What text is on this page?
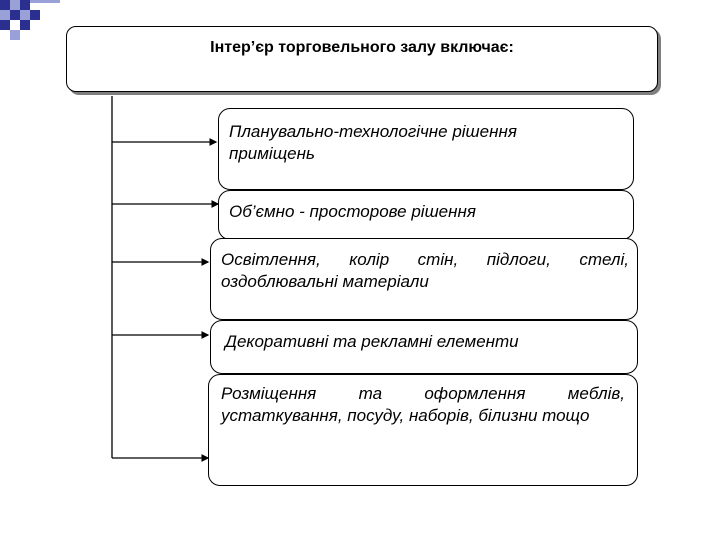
Інтер’єр торговельного залу включає:
Планувально-технологічне рішення приміщень
Об’ємно - просторове рішення
Освітлення, колір стін, підлоги, стелі, оздоблювальні матеріали
Декоративні та рекламні елементи
Розміщення та оформлення меблів, устаткування, посуду, наборів, білизни тощо
